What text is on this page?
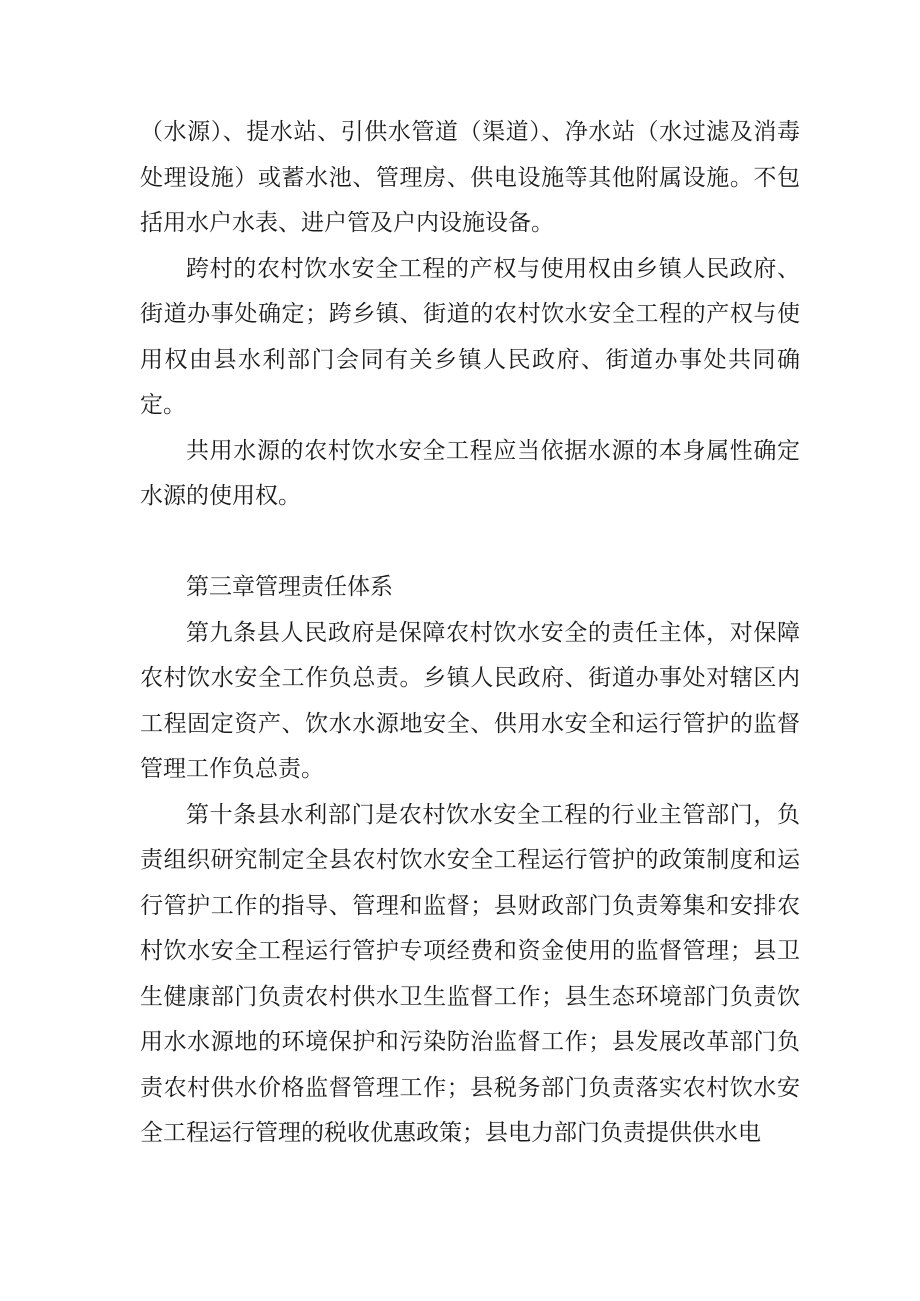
（水源）、提水站、引供水管道（渠道）、净水站（水过滤及消毒处理设施）或蓄水池、管理房、供电设施等其他附属设施。不包括用水户水表、进户管及户内设施设备。

跨村的农村饮水安全工程的产权与使用权由乡镇人民政府、街道办事处确定；跨乡镇、街道的农村饮水安全工程的产权与使用权由县水利部门会同有关乡镇人民政府、街道办事处共同确定。

共用水源的农村饮水安全工程应当依据水源的本身属性确定水源的使用权。

第三章管理责任体系

第九条县人民政府是保障农村饮水安全的责任主体，对保障农村饮水安全工作负总责。乡镇人民政府、街道办事处对辖区内工程固定资产、饮水水源地安全、供用水安全和运行管护的监督管理工作负总责。

第十条县水利部门是农村饮水安全工程的行业主管部门，负责组织研究制定全县农村饮水安全工程运行管护的政策制度和运行管护工作的指导、管理和监督；县财政部门负责筹集和安排农村饮水安全工程运行管护专项经费和资金使用的监督管理；县卫生健康部门负责农村供水卫生监督工作；县生态环境部门负责饮用水水源地的环境保护和污染防治监督工作；县发展改革部门负责农村供水价格监督管理工作；县税务部门负责落实农村饮水安全工程运行管理的税收优惠政策；县电力部门负责提供供水电
